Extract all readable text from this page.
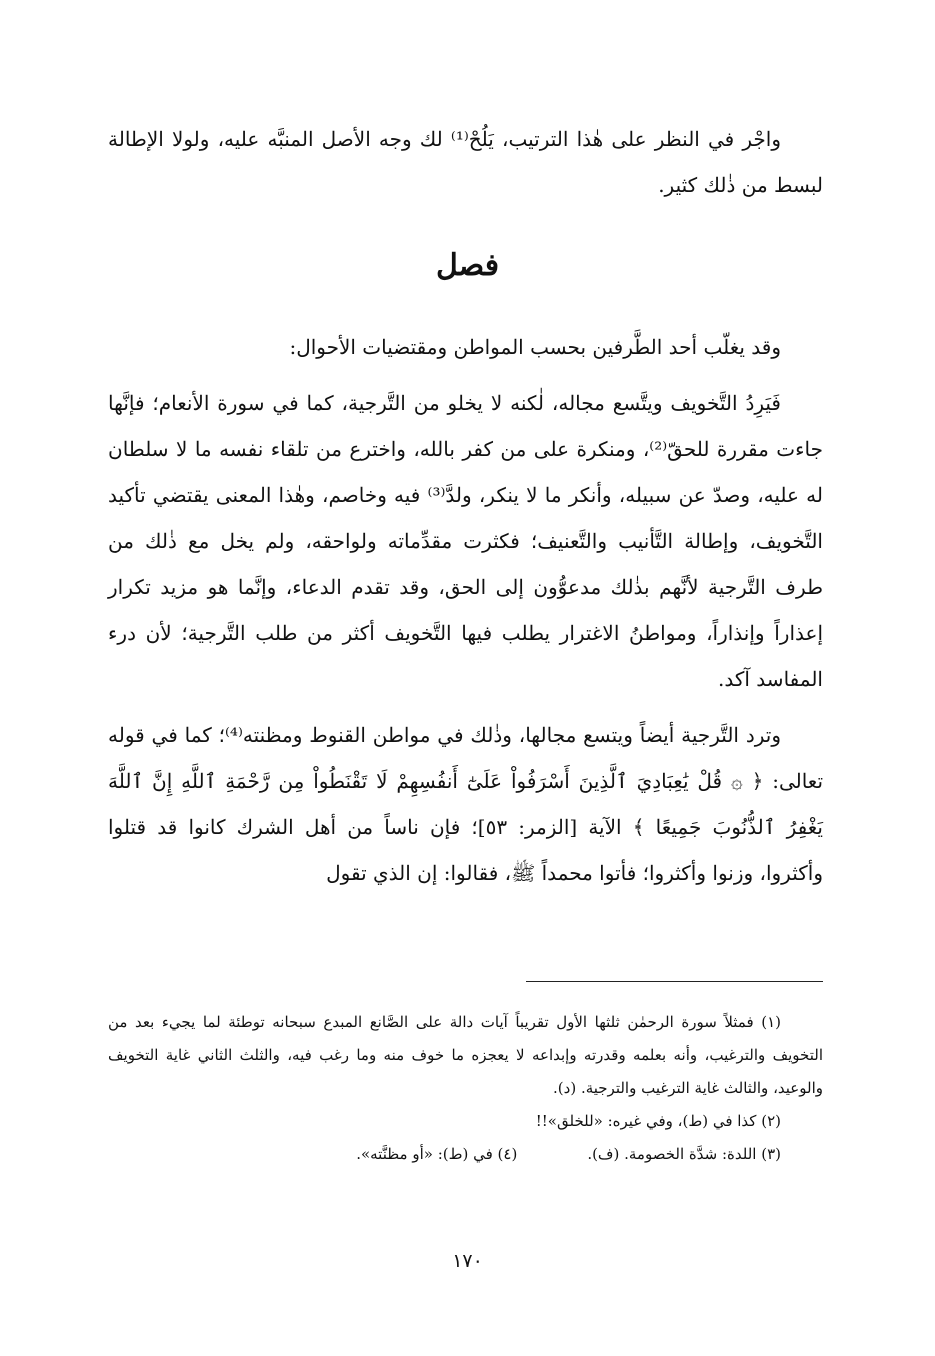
واجْر في النظر على هٰذا الترتيب، يَلُحْ⁽¹⁾ لك وجه الأصل المنبَّه عليه، ولولا الإطالة لبسط من ذٰلك كثير.

فصل

وقد يغلّب أحد الطَّرفين بحسب المواطن ومقتضيات الأحوال:

فَيَرِدُ التَّخويف ويتَّسع مجاله، لٰكنه لا يخلو من التَّرجية، كما في سورة الأنعام؛ فإنَّها جاءت مقررة للحقّ⁽²⁾، ومنكرة على من كفر بالله، واخترع من تلقاء نفسه ما لا سلطان له عليه، وصدّ عن سبيله، وأنكر ما لا ينكر، ولدَّ⁽³⁾ فيه وخاصم، وهٰذا المعنى يقتضي تأكيد التَّخويف، وإطالة التَّأنيب والتَّعنيف؛ فكثرت مقدِّماته ولواحقه، ولم يخل مع ذٰلك من طرف التَّرجية لأنَّهم بذٰلك مدعوُّون إلى الحق، وقد تقدم الدعاء، وإنَّما هو مزيد تكرار إعذاراً وإنذاراً، ومواطنُ الاغترار يطلب فيها التَّخويف أكثر من طلب التَّرجية؛ لأن درء المفاسد آكد.

وترد التَّرجية أيضاً ويتسع مجالها، وذٰلك في مواطن القنوط ومظنته⁽⁴⁾؛ كما في قوله تعالى: ﴿ ۞ قُلْ يَٰعِبَادِيَ ٱلَّذِينَ أَسْرَفُواْ عَلَىٰٓ أَنفُسِهِمْ لَا تَقْنَطُواْ مِن رَّحْمَةِ ٱللَّهِ إِنَّ ٱللَّهَ يَغْفِرُ ٱلذُّنُوبَ جَمِيعًا ﴾ الآية [الزمر: ٥٣]؛ فإن ناساً من أهل الشرك كانوا قد قتلوا وأكثروا، وزنوا وأكثروا؛ فأتوا محمداً ﷺ، فقالوا: إن الذي تقول

(١) فمثلاً سورة الرحمٰن ثلثها الأول تقريباً آيات دالة على الصَّانع المبدع سبحانه توطئة لما يجيء بعد من التخويف والترغيب، وأنه بعلمه وقدرته وإبداعه لا يعجزه ما خوف منه وما رغب فيه، والثلث الثاني غاية التخويف والوعيد، والثالث غاية الترغيب والترجية. (د).

(٢) كذا في (ط)، وفي غيره: «للخلق»!!

(٣) اللدة: شدَّة الخصومة. (ف).(٤) في (ط): «أو مظنَّته».

١٧٠
